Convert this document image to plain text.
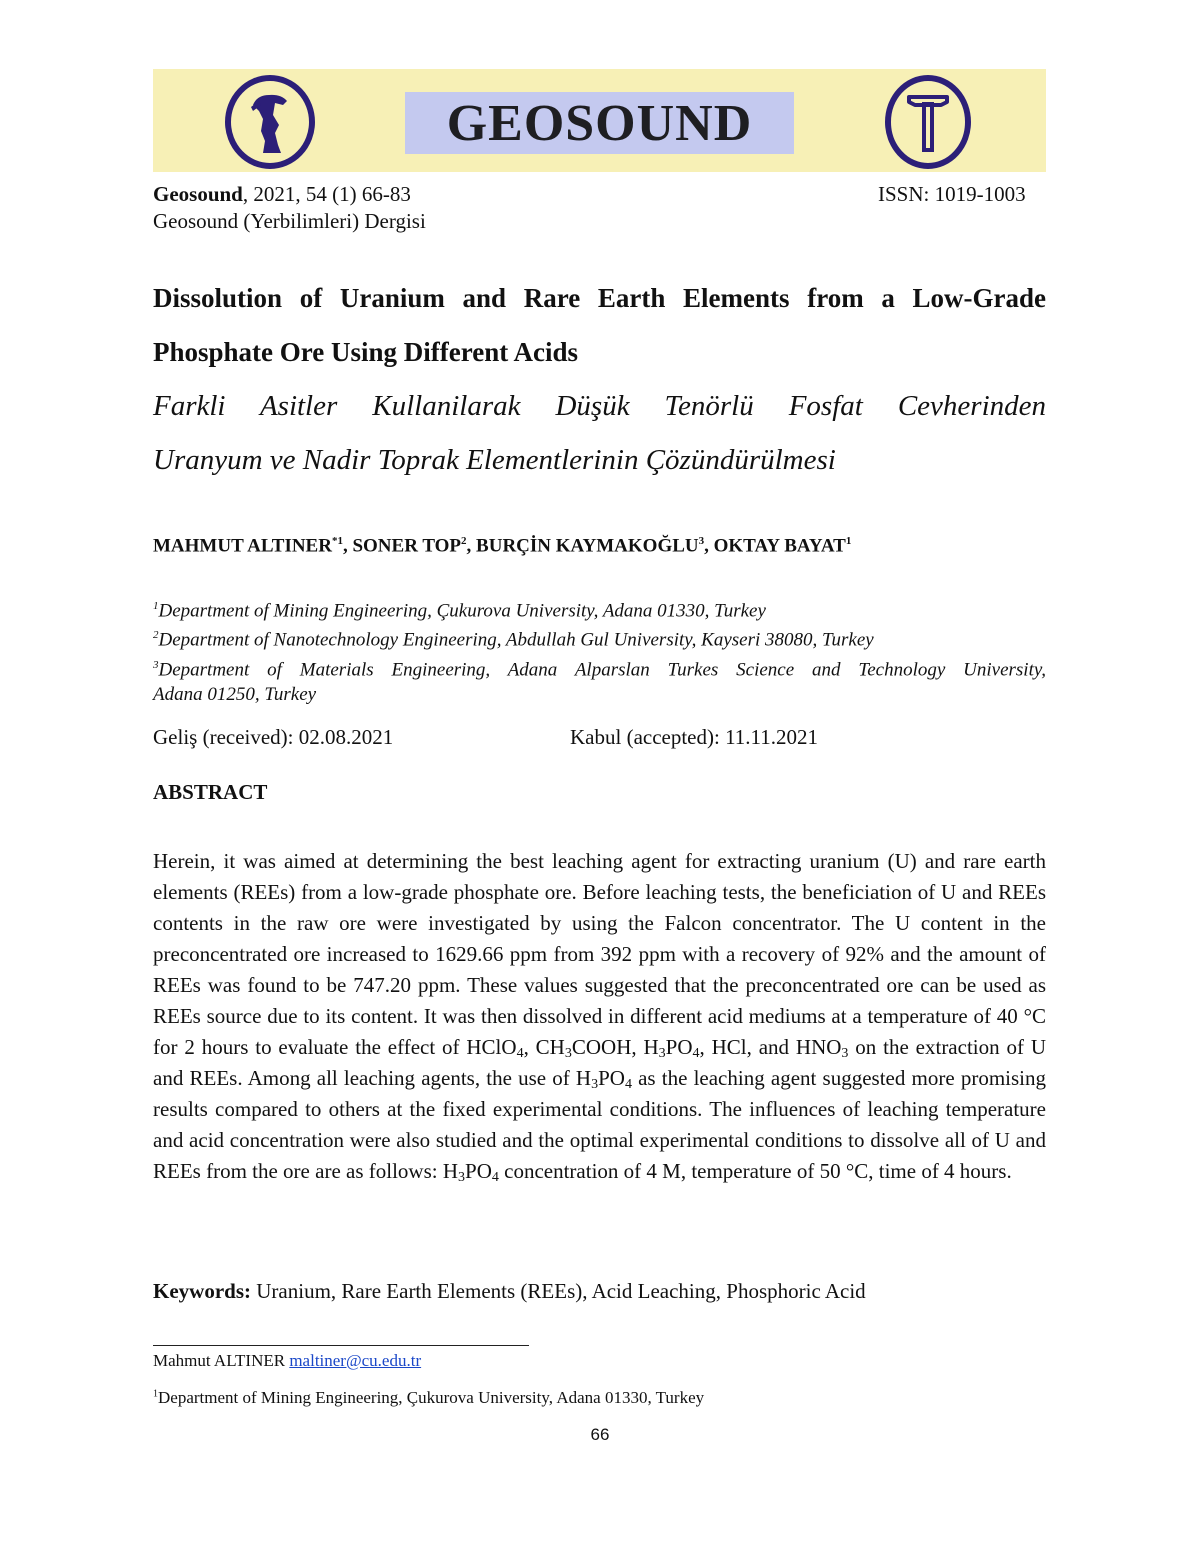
GEOSOUND
Geosound, 2021, 54 (1) 66-83	ISSN: 1019-1003
Geosound (Yerbilimleri) Dergisi
Dissolution of Uranium and Rare Earth Elements from a Low-Grade Phosphate Ore Using Different Acids
Farkli Asitler Kullanilarak Düşük Tenörlü Fosfat Cevherinden
Uranyum ve Nadir Toprak Elementlerinin Çözündürülmesi
MAHMUT ALTINER$^{*1}$, SONER TOP$^2$, BURÇİN KAYMAKOĞLU$^3$, OKTAY BAYAT$^1$
$^1$Department of Mining Engineering, Çukurova University, Adana 01330, Turkey
$^2$Department of Nanotechnology Engineering, Abdullah Gul University, Kayseri 38080, Turkey
$^3$Department of Materials Engineering, Adana Alparslan Turkes Science and Technology University,
Adana 01250, Turkey
Geliş (received): 02.08.2021	Kabul (accepted): 11.11.2021
ABSTRACT
Herein, it was aimed at determining the best leaching agent for extracting uranium (U) and rare earth elements (REEs) from a low-grade phosphate ore. Before leaching tests, the beneficiation of U and REEs contents in the raw ore were investigated by using the Falcon concentrator. The U content in the preconcentrated ore increased to 1629.66 ppm from 392 ppm with a recovery of 92% and the amount of REEs was found to be 747.20 ppm. These values suggested that the preconcentrated ore can be used as REEs source due to its content. It was then dissolved in different acid mediums at a temperature of 40 °C for 2 hours to evaluate the effect of HClO$_4$, $CH_3COOH$, $H_3PO_4$, HCl, and $HNO_3$ on the extraction of U and REEs. Among all leaching agents, the use of $H_3PO_4$ as the leaching agent suggested more promising results compared to others at the fixed experimental conditions. The influences of leaching temperature and acid concentration were also studied and the optimal experimental conditions to dissolve all of U and REEs from the ore are as follows: $H_3PO_4$ concentration of 4 M, temperature of 50 °C, time of 4 hours.
Keywords: Uranium, Rare Earth Elements (REEs), Acid Leaching, Phosphoric Acid
Mahmut ALTINER maltiner@cu.edu.tr
$^1$Department of Mining Engineering, Çukurova University, Adana 01330, Turkey
66
